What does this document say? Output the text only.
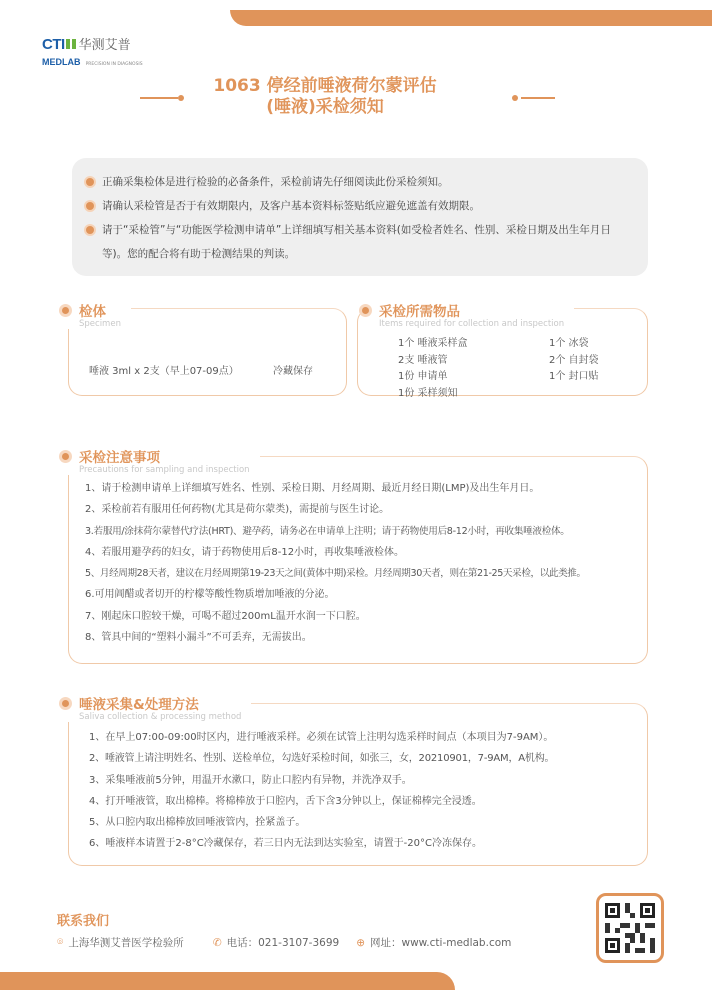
CTI 华测艾普
MEDLAB PRECISION IN DIAGNOSIS
1063 停经前唾液荷尔蒙评估
(唾液)采检须知
正确采集检体是进行检验的必备条件，采检前请先仔细阅读此份采检须知。
请确认采检管是否于有效期限内，及客户基本资料标签贴纸应避免遮盖有效期限。
请于“采检管”与“功能医学检测申请单”上详细填写相关基本资料(如受检者姓名、性别、采检日期及出生年月日等)。您的配合将有助于检测结果的判读。
检体
Specimen
唾液 3ml x 2支（早上07-09点）	冷藏保存
采检所需物品
Items required for collection and inspection
1个 唾液采样盒
2支 唾液管
1份 申请单
1份 采样须知
1个 冰袋
2个 自封袋
1个 封口贴
采检注意事项
Precautions for sampling and inspection
1、请于检测申请单上详细填写姓名、性别、采检日期、月经周期、最近月经日期(LMP)及出生年月日。
2、采检前若有服用任何药物(尤其是荷尔蒙类)，需提前与医生讨论。
3.若服用/涂抹荷尔蒙替代疗法(HRT)、避孕药，请务必在申请单上注明；请于药物使用后8-12小时，再收集唾液检体。
4、若服用避孕药的妇女，请于药物使用后8-12小时，再收集唾液检体。
5、月经周期28天者，建议在月经周期第19-23天之间(黄体中期)采检。月经周期30天者，则在第21-25天采检，以此类推。
6.可用阊醋或者切开的柠檬等酸性物质增加唾液的分泌。
7、刚起床口腔较干燥，可喝不超过200mL温开水润一下口腔。
8、管具中间的“塑料小漏斗”不可丢弃，无需拔出。
唾液采集&处理方法
Saliva collection & processing method
1、在早上07:00-09:00时区内，进行唾液采样。必须在试管上注明勾选采样时间点（本项目为7-9AM）。
2、唾液管上请注明姓名、性别、送检单位，勾选好采检时间，如张三，女，20210901，7-9AM，A机构。
3、采集唾液前5分钟，用温开水漱口，防止口腔内有异物，并洗净双手。
4、打开唾液管，取出棉棒。将棉棒放于口腔内，舌下含3分钟以上，保证棉棒完全浸透。
5、从口腔内取出棉棒放回唾液管内，拴紧盖子。
6、唾液样本请置于2-8°C冷藏保存，若三日内无法到达实验室，请置于-20°C冷冻保存。
联系我们
⌾ 上海华测艾普医学检验所	✆ 电话：021-3107-3699 ⊕ 网址：www.cti-medlab.com
